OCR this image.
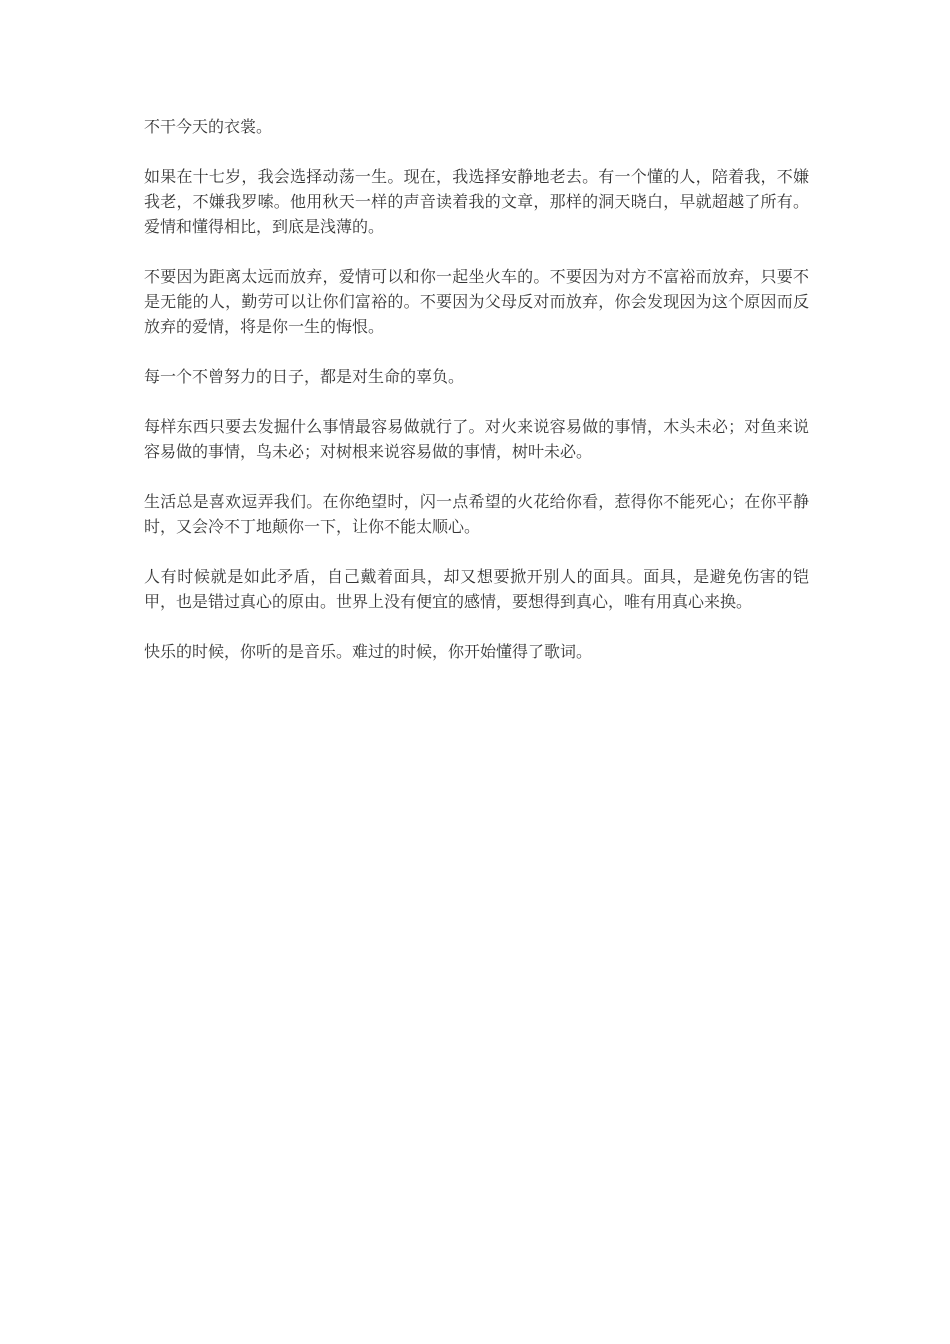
不干今天的衣裳。

如果在十七岁，我会选择动荡一生。现在，我选择安静地老去。有一个懂的人，陪着我，不嫌我老，不嫌我罗嗦。他用秋天一样的声音读着我的文章，那样的洞天晓白，早就超越了所有。爱情和懂得相比，到底是浅薄的。

不要因为距离太远而放弃，爱情可以和你一起坐火车的。不要因为对方不富裕而放弃，只要不是无能的人，勤劳可以让你们富裕的。不要因为父母反对而放弃，你会发现因为这个原因而反放弃的爱情，将是你一生的悔恨。

每一个不曾努力的日子，都是对生命的辜负。

每样东西只要去发掘什么事情最容易做就行了。对火来说容易做的事情，木头未必；对鱼来说容易做的事情，鸟未必；对树根来说容易做的事情，树叶未必。

生活总是喜欢逗弄我们。在你绝望时，闪一点希望的火花给你看，惹得你不能死心；在你平静时，又会冷不丁地颠你一下，让你不能太顺心。

人有时候就是如此矛盾，自己戴着面具，却又想要掀开别人的面具。面具，是避免伤害的铠甲，也是错过真心的原由。世界上没有便宜的感情，要想得到真心，唯有用真心来换。

快乐的时候，你听的是音乐。难过的时候，你开始懂得了歌词。
